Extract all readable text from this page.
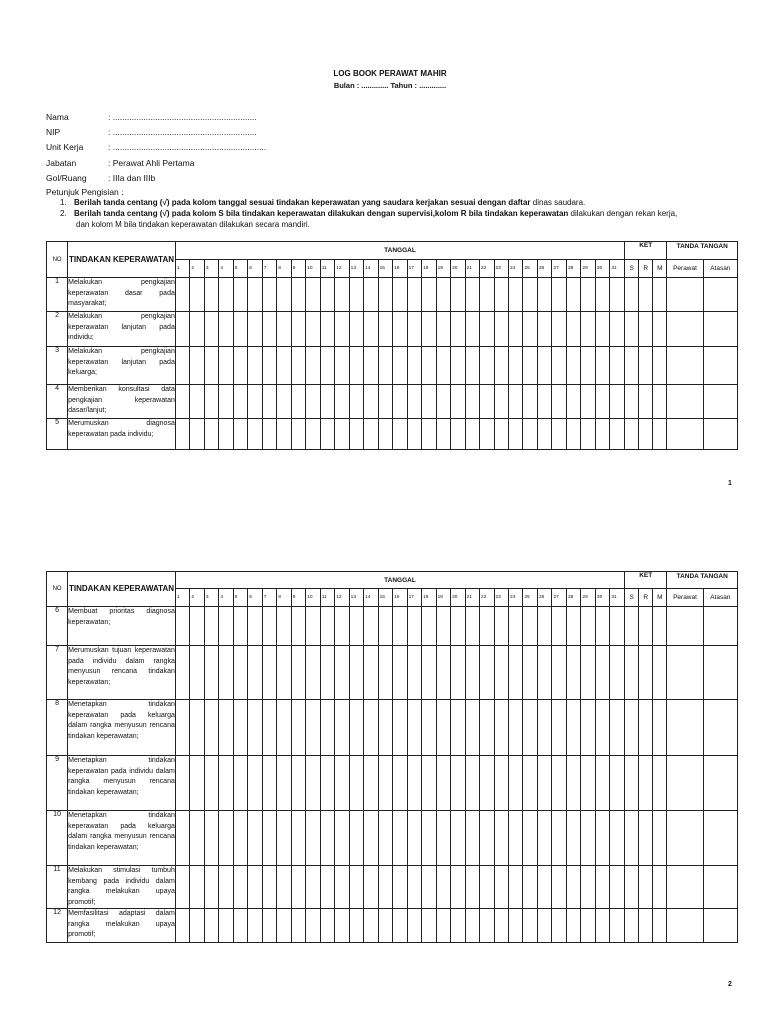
LOG BOOK PERAWAT MAHIR
Bulan : ............. Tahun : .............
Nama	: .............................................................
NIP	: .............................................................
Unit Kerja	: .................................................................
Jabatan	: Perawat Ahli Pertama
Gol/Ruang	: IIIa dan IIIb
Petunjuk Pengisian :
1. Berilah tanda centang (√) pada kolom tanggal sesuai tindakan keperawatan yang saudara kerjakan sesuai dengan daftar dinas saudara.
2. Berilah tanda centang (√) pada kolom S bila tindakan keperawatan dilakukan dengan supervisi,kolom R bila tindakan keperawatan dilakukan dengan rekan kerja,
dan kolom M bila tindakan keperawatan dilakukan secara mandiri.
NO	TINDAKAN KEPERAWATAN	TANGGAL																															KET			TANDA TANGAN	
		1	2	3	4	5	6	7	8	9	10	11	12	13	14	15	16	17	18	19	20	21	22	23	24	25	26	27	28	29	30	31	S	R	M	Perawat	Atasan
1	Melakukan pengkajian keperawatan dasar pada masyarakat;																																				
2	Melakukan pengkajian keperawatan lanjutan pada individu;																																				
3	Melakukan pengkajian keperawatan lanjutan pada keluarga;																																				
4	Memberikan konsultasi data pengkajian keperawatan dasar/lanjut;																																				
5	Merumuskan diagnosa keperawatan pada individu;																																				
1
NO	TINDAKAN KEPERAWATAN	TANGGAL																															KET			TANDA TANGAN	
		1	2	3	4	5	6	7	8	9	10	11	12	13	14	15	16	17	18	19	20	21	22	23	24	25	26	27	28	29	30	31	S	R	M	Perawat	Atasan
6	Membuat prioritas diagnosa keperawatan;																																				
7	Merumuskan tujuan keperawatan pada individu dalam rangka menyusun rencana tindakan keperawatan;																																				
8	Menetapkan tindakan keperawatan pada keluarga dalam rangka menyusun rencana tindakan keperawatan;																																				
9	Menetapkan tindakan keperawatan pada individu dalam rangka menyusun rencana tindakan keperawatan;																																				
10	Menetapkan tindakan keperawatan pada keluarga dalam rangka menyusun rencana tindakan keperawatan;																																				
11	Melakukan stimulasi tumbuh kembang pada individu dalam rangka melakukan upaya promotif;																																				
12	Memfasilitasi adaptasi dalam rangka melakukan upaya promotif;																																				
2
